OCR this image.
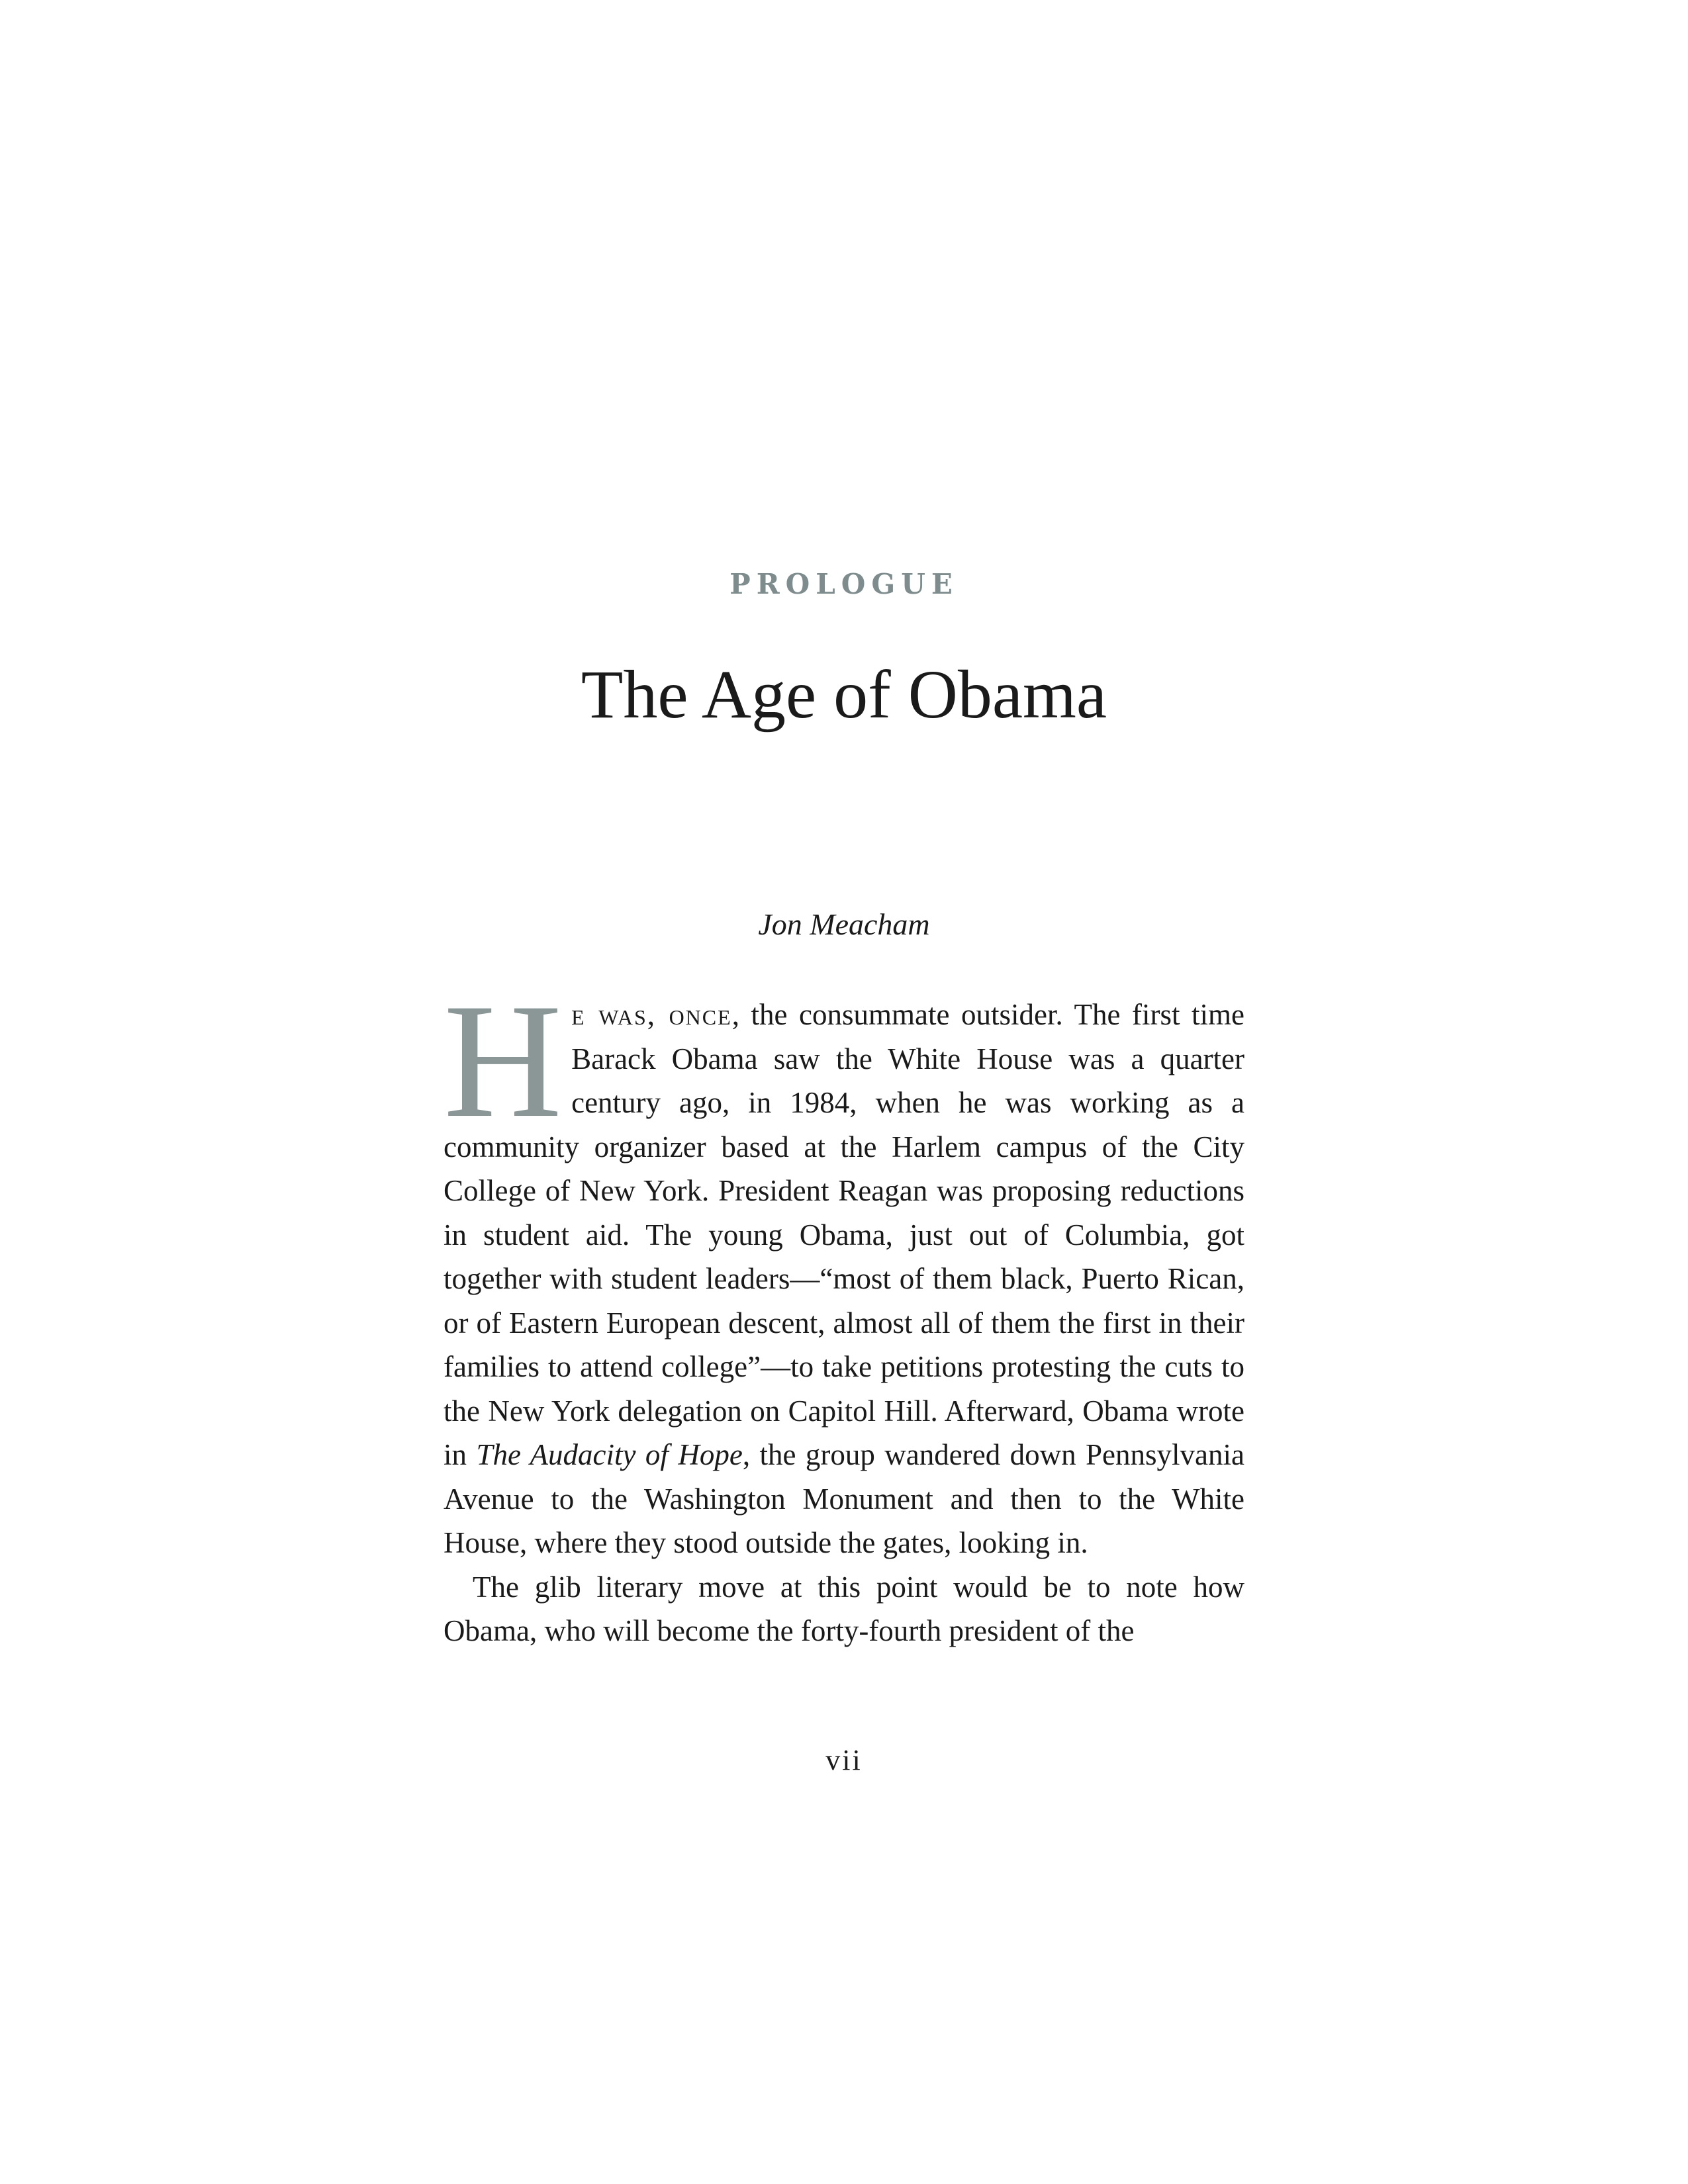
PROLOGUE
The Age of Obama
Jon Meacham

He was, once, the consummate outsider. The first time Barack Obama saw the White House was a quarter century ago, in 1984, when he was working as a community organizer based at the Harlem campus of the City College of New York. President Reagan was proposing reductions in student aid. The young Obama, just out of Columbia, got together with student leaders—“most of them black, Puerto Rican, or of Eastern European descent, almost all of them the first in their families to attend college”—to take petitions protesting the cuts to the New York delegation on Capitol Hill. Afterward, Obama wrote in The Audacity of Hope, the group wandered down Pennsylvania Avenue to the Washington Monument and then to the White House, where they stood outside the gates, looking in.

The glib literary move at this point would be to note how Obama, who will become the forty-fourth president of the

vii
